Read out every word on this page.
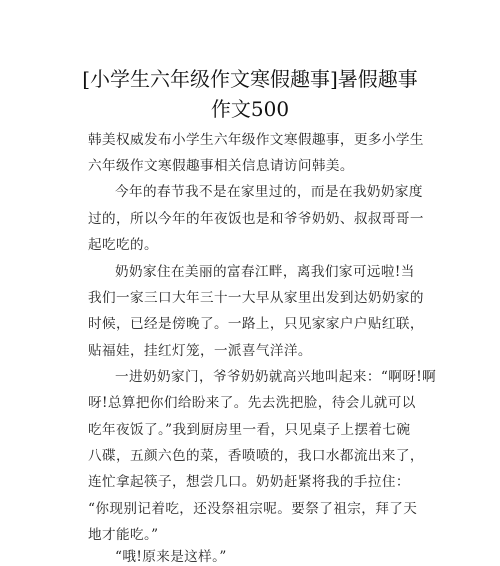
[小学生六年级作文寒假趣事]暑假趣事
作文500
韩美权威发布小学生六年级作文寒假趣事，更多小学生
六年级作文寒假趣事相关信息请访问韩美。
今年的春节我不是在家里过的，而是在我奶奶家度
过的，所以今年的年夜饭也是和爷爷奶奶、叔叔哥哥一
起吃吃的。
奶奶家住在美丽的富春江畔，离我们家可远啦!当
我们一家三口大年三十一大早从家里出发到达奶奶家的
时候，已经是傍晚了。一路上，只见家家户户贴红联，
贴福娃，挂红灯笼，一派喜气洋洋。
一进奶奶家门，爷爷奶奶就高兴地叫起来：“啊呀!啊
呀!总算把你们给盼来了。先去洗把脸，待会儿就可以
吃年夜饭了。”我到厨房里一看，只见桌子上摆着七碗
八碟，五颜六色的菜，香喷喷的，我口水都流出来了，
连忙拿起筷子，想尝几口。奶奶赶紧将我的手拉住：
“你现别记着吃，还没祭祖宗呢。要祭了祖宗，拜了天
地才能吃。”
“哦!原来是这样。”
